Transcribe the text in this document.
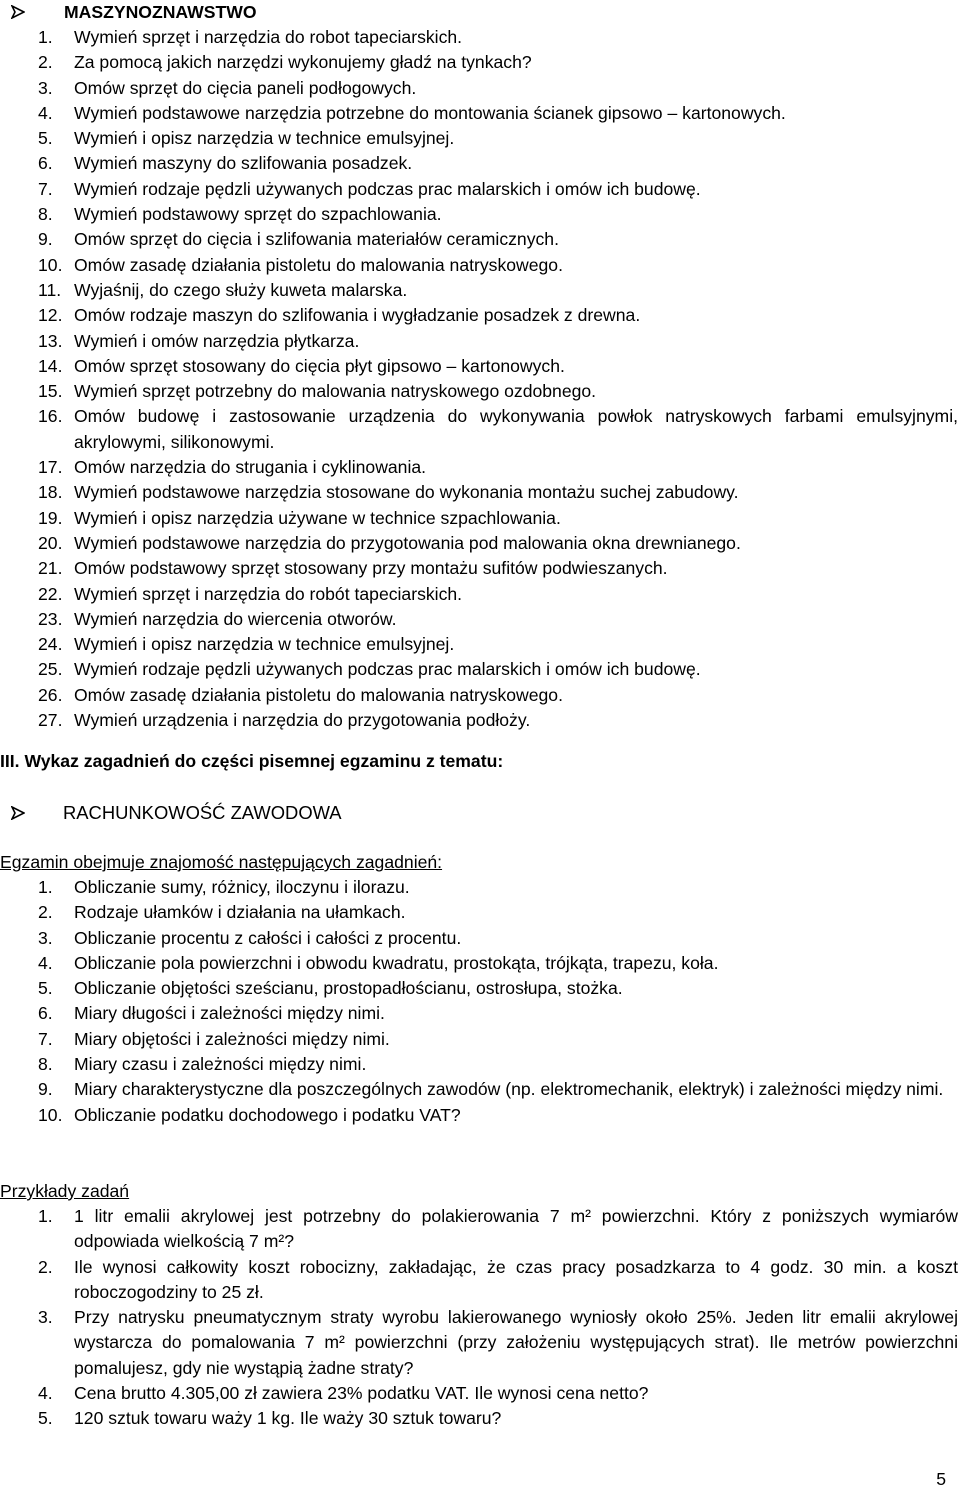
MASZYNOZNAWSTWO
1. Wymień sprzęt i narzędzia do robot tapeciarskich.
2. Za pomocą jakich narzędzi wykonujemy gładź na tynkach?
3. Omów sprzęt do cięcia paneli podłogowych.
4. Wymień podstawowe narzędzia potrzebne do montowania ścianek gipsowo – kartonowych.
5. Wymień i opisz narzędzia w technice emulsyjnej.
6. Wymień maszyny do szlifowania posadzek.
7. Wymień rodzaje pędzli używanych podczas prac malarskich i omów ich budowę.
8. Wymień podstawowy sprzęt do szpachlowania.
9. Omów sprzęt do cięcia i szlifowania materiałów ceramicznych.
10. Omów zasadę działania pistoletu do malowania natryskowego.
11. Wyjaśnij, do czego służy kuweta malarska.
12. Omów rodzaje maszyn do szlifowania i wygładzanie posadzek z drewna.
13. Wymień i omów narzędzia płytkarza.
14. Omów sprzęt stosowany do cięcia płyt gipsowo – kartonowych.
15. Wymień sprzęt potrzebny do malowania natryskowego ozdobnego.
16. Omów budowę i zastosowanie urządzenia do wykonywania powłok natryskowych farbami emulsyjnymi, akrylowymi, silikonowymi.
17. Omów narzędzia do strugania i cyklinowania.
18. Wymień podstawowe narzędzia stosowane do wykonania montażu suchej zabudowy.
19. Wymień i opisz narzędzia używane w technice szpachlowania.
20. Wymień podstawowe narzędzia do przygotowania pod malowania okna drewnianego.
21. Omów podstawowy sprzęt stosowany przy montażu sufitów podwieszanych.
22. Wymień sprzęt i narzędzia do robót tapeciarskich.
23. Wymień narzędzia do wiercenia otworów.
24. Wymień i opisz narzędzia w technice emulsyjnej.
25. Wymień rodzaje pędzli używanych podczas prac malarskich i omów ich budowę.
26. Omów zasadę działania pistoletu do malowania natryskowego.
27. Wymień urządzenia i narzędzia do przygotowania podłoży.
III. Wykaz zagadnień do części pisemnej egzaminu z tematu:
RACHUNKOWOŚĆ ZAWODOWA
Egzamin obejmuje znajomość następujących zagadnień:
1. Obliczanie sumy, różnicy, iloczynu i ilorazu.
2. Rodzaje ułamków i działania na ułamkach.
3. Obliczanie procentu z całości i całości z procentu.
4. Obliczanie pola powierzchni i obwodu kwadratu, prostokąta, trójkąta, trapezu, koła.
5. Obliczanie objętości sześcianu, prostopadłościanu, ostrosłupa, stożka.
6. Miary długości i zależności między nimi.
7. Miary objętości i zależności między nimi.
8. Miary czasu i zależności między nimi.
9. Miary charakterystyczne dla poszczególnych zawodów (np. elektromechanik, elektryk) i zależności między nimi.
10. Obliczanie podatku dochodowego i podatku VAT?
Przykłady zadań
1. 1 litr emalii akrylowej jest potrzebny do polakierowania 7 m² powierzchni. Który z poniższych wymiarów odpowiada wielkością 7 m²?
2. Ile wynosi całkowity koszt robocizny, zakładając, że czas pracy posadzkarza to 4 godz. 30 min. a koszt roboczogodziny to 25 zł.
3. Przy natrysku pneumatycznym straty wyrobu lakierowanego wyniosły około 25%. Jeden litr emalii akrylowej wystarcza do pomalowania 7 m² powierzchni (przy założeniu występujących strat). Ile metrów powierzchni pomalujesz, gdy nie wystąpią żadne straty?
4. Cena brutto 4.305,00 zł zawiera 23% podatku VAT. Ile wynosi cena netto?
5. 120 sztuk towaru waży 1 kg. Ile waży 30 sztuk towaru?
5
